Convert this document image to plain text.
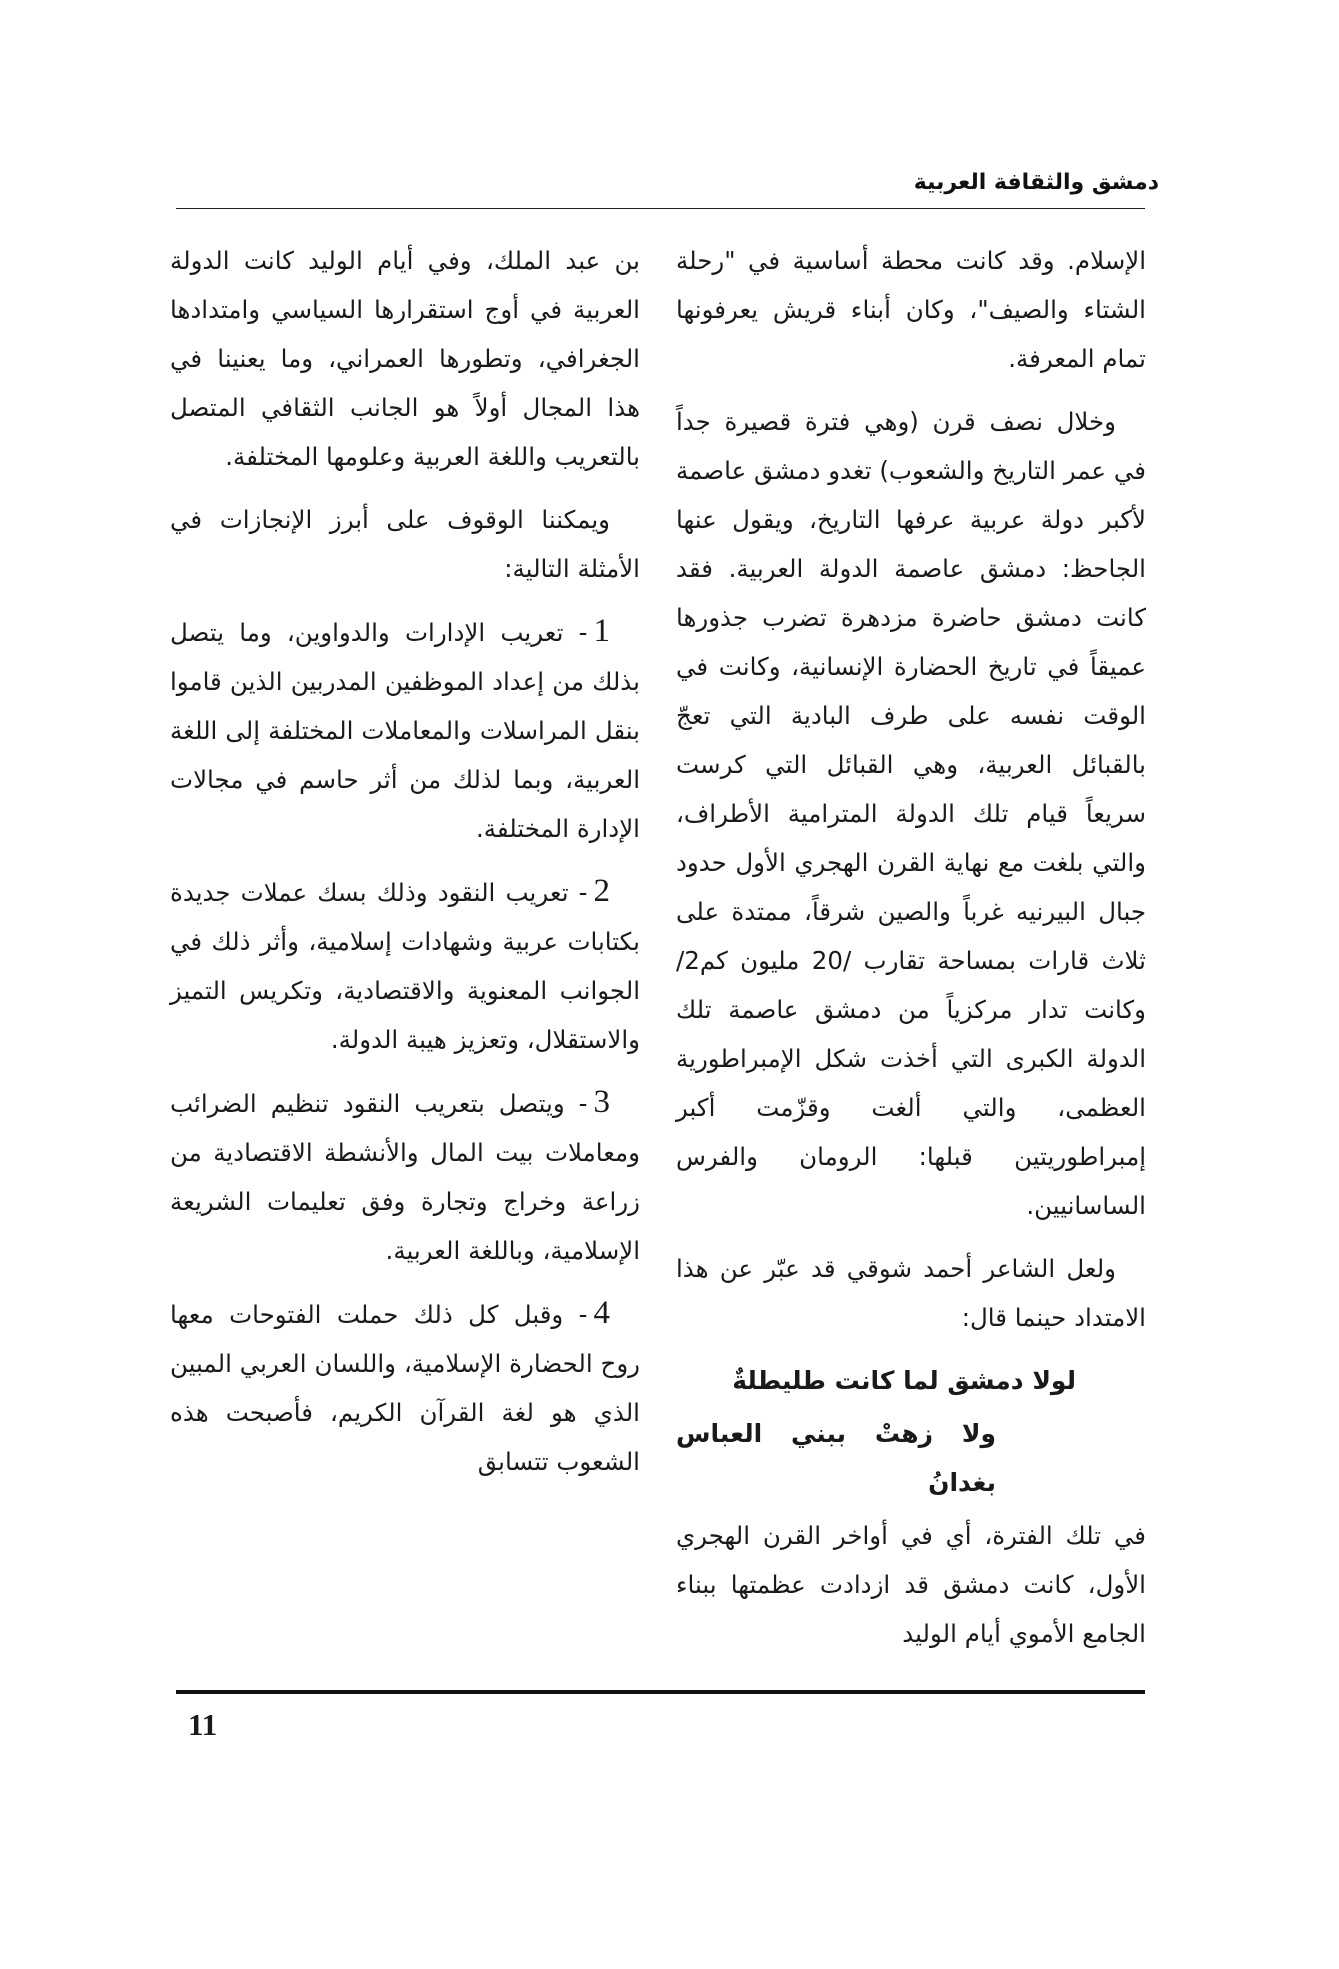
دمشق والثقافة العربية

الإسلام. وقد كانت محطة أساسية في "رحلة الشتاء والصيف"، وكان أبناء قريش يعرفونها تمام المعرفة.

وخلال نصف قرن (وهي فترة قصيرة جداً في عمر التاريخ والشعوب) تغدو دمشق عاصمة لأكبر دولة عربية عرفها التاريخ، ويقول عنها الجاحظ: دمشق عاصمة الدولة العربية. فقد كانت دمشق حاضرة مزدهرة تضرب جذورها عميقاً في تاريخ الحضارة الإنسانية، وكانت في الوقت نفسه على طرف البادية التي تعجّ بالقبائل العربية، وهي القبائل التي كرست سريعاً قيام تلك الدولة المترامية الأطراف، والتي بلغت مع نهاية القرن الهجري الأول حدود جبال البيرنيه غرباً والصين شرقاً، ممتدة على ثلاث قارات بمساحة تقارب /20 مليون كم2/ وكانت تدار مركزياً من دمشق عاصمة تلك الدولة الكبرى التي أخذت شكل الإمبراطورية العظمى، والتي ألغت وقزّمت أكبر إمبراطوريتين قبلها: الرومان والفرس الساسانيين.

ولعل الشاعر أحمد شوقي قد عبّر عن هذا الامتداد حينما قال:

لولا دمشق لما كانت طليطلةٌ

ولا زهتْ ببني العباس بغدانُ

في تلك الفترة، أي في أواخر القرن الهجري الأول، كانت دمشق قد ازدادت عظمتها ببناء الجامع الأموي أيام الوليد

بن عبد الملك، وفي أيام الوليد كانت الدولة العربية في أوج استقرارها السياسي وامتدادها الجغرافي، وتطورها العمراني، وما يعنينا في هذا المجال أولاً هو الجانب الثقافي المتصل بالتعريب واللغة العربية وعلومها المختلفة.

ويمكننا الوقوف على أبرز الإنجازات في الأمثلة التالية:

1- تعريب الإدارات والدواوين، وما يتصل بذلك من إعداد الموظفين المدربين الذين قاموا بنقل المراسلات والمعاملات المختلفة إلى اللغة العربية، وبما لذلك من أثر حاسم في مجالات الإدارة المختلفة.

2- تعريب النقود وذلك بسك عملات جديدة بكتابات عربية وشهادات إسلامية، وأثر ذلك في الجوانب المعنوية والاقتصادية، وتكريس التميز والاستقلال، وتعزيز هيبة الدولة.

3- ويتصل بتعريب النقود تنظيم الضرائب ومعاملات بيت المال والأنشطة الاقتصادية من زراعة وخراج وتجارة وفق تعليمات الشريعة الإسلامية، وباللغة العربية.

4- وقبل كل ذلك حملت الفتوحات معها روح الحضارة الإسلامية، واللسان العربي المبين الذي هو لغة القرآن الكريم، فأصبحت هذه الشعوب تتسابق

11
